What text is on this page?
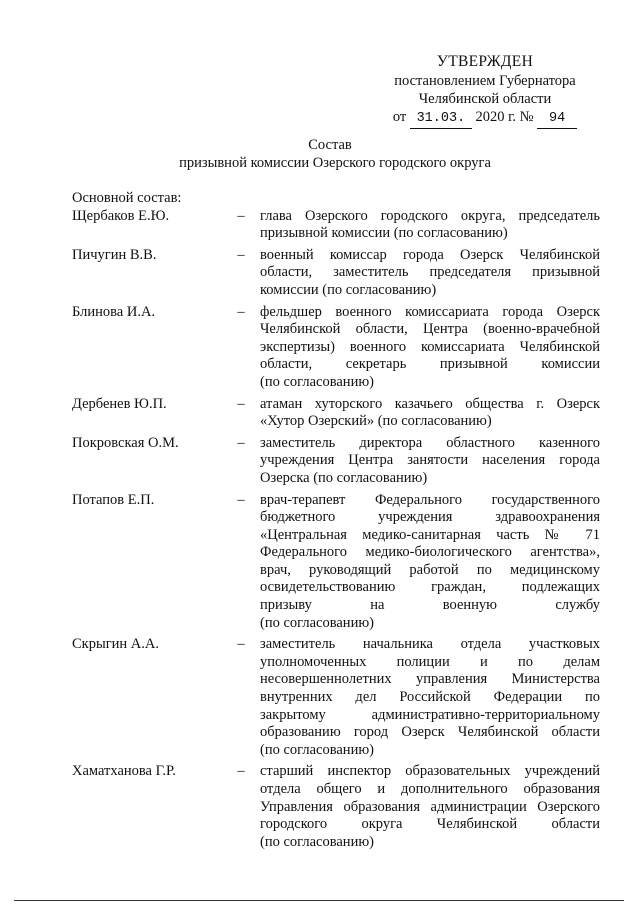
УТВЕРЖДЕН
постановлением Губернатора
Челябинской области
от 31.03. 2020 г. № 94
Состав
призывной комиссии Озерского городского округа
Основной состав:
Щербаков Е.Ю.	– глава Озерского городского округа, председатель
призывной комиссии (по согласованию)
Пичугин В.В.	– военный комиссар города Озерск Челябинской
области, заместитель председателя призывной
комиссии (по согласованию)
Блинова И.А.	– фельдшер военного комиссариата города Озерск
Челябинской области, Центра (военно-врачебной
экспертизы) военного комиссариата Челябинской
области, секретарь призывной комиссии
(по согласованию)
Дербенев Ю.П.	– атаман хуторского казачьего общества г. Озерск
«Хутор Озерский» (по согласованию)
Покровская О.М.	– заместитель директора областного казенного
учреждения Центра занятости населения города
Озерска (по согласованию)
Потапов Е.П.	– врач-терапевт Федерального государственного
бюджетного учреждения здравоохранения
«Центральная медико-санитарная часть № 71
Федерального медико-биологического агентства»,
врач, руководящий работой по медицинскому
освидетельствованию граждан, подлежащих
призыву на военную службу
(по согласованию)
Скрыгин А.А.	– заместитель начальника отдела участковых
уполномоченных полиции и по делам
несовершеннолетних управления Министерства
внутренних дел Российской Федерации по
закрытому административно-территориальному
образованию город Озерск Челябинской области
(по согласованию)
Хаматханова Г.Р.	– старший инспектор образовательных учреждений
отдела общего и дополнительного образования
Управления образования администрации Озерского
городского округа Челябинской области
(по согласованию)
